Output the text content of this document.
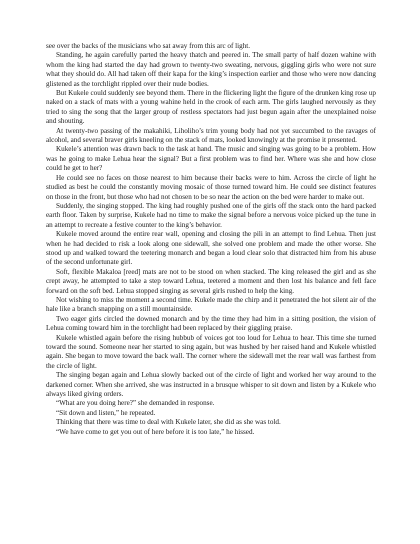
see over the backs of the musicians who sat away from this arc of light.

Standing, he again carefully parted the heavy thatch and peered in. The small party of half dozen wahine with whom the king had started the day had grown to twenty-two sweating, nervous, giggling girls who were not sure what they should do. All had taken off their kapa for the king’s inspection earlier and those who were now dancing glistened as the torchlight rippled over their nude bodies.

But Kukele could suddenly see beyond them. There in the flickering light the figure of the drunken king rose up naked on a stack of mats with a young wahine held in the crook of each arm. The girls laughed nervously as they tried to sing the song that the larger group of restless spectators had just begun again after the unexplained noise and shouting.

At twenty-two passing of the makahiki, Liholiho’s trim young body had not yet succumbed to the ravages of alcohol, and several braver girls kneeling on the stack of mats, looked knowingly at the promise it presented.

Kukele’s attention was drawn back to the task at hand. The music and singing was going to be a problem. How was he going to make Lehua hear the signal? But a first problem was to find her. Where was she and how close could he get to her?

He could see no faces on those nearest to him because their backs were to him. Across the circle of light he studied as best he could the constantly moving mosaic of those turned toward him. He could see distinct features on those in the front, but those who had not chosen to be so near the action on the bed were harder to make out.

Suddenly, the singing stopped. The king had roughly pushed one of the girls off the stack onto the hard packed earth floor. Taken by surprise, Kukele had no time to make the signal before a nervous voice picked up the tune in an attempt to recreate a festive counter to the king’s behavior.

Kukele moved around the entire rear wall, opening and closing the pili in an attempt to find Lehua. Then just when he had decided to risk a look along one sidewall, she solved one problem and made the other worse. She stood up and walked toward the teetering monarch and began a loud clear solo that distracted him from his abuse of the second unfortunate girl.

Soft, flexible Makaloa [reed] mats are not to be stood on when stacked. The king released the girl and as she crept away, he attempted to take a step toward Lehua, teetered a moment and then lost his balance and fell face forward on the soft bed. Lehua stopped singing as several girls rushed to help the king.

Not wishing to miss the moment a second time. Kukele made the chirp and it penetrated the hot silent air of the hale like a branch snapping on a still mountainside.

Two eager girls circled the downed monarch and by the time they had him in a sitting position, the vision of Lehua coming toward him in the torchlight had been replaced by their giggling praise.

Kukele whistled again before the rising hubbub of voices got too loud for Lehua to hear. This time she turned toward the sound. Someone near her started to sing again, but was hushed by her raised hand and Kukele whistled again. She began to move toward the back wall. The corner where the sidewall met the rear wall was farthest from the circle of light.

The singing began again and Lehua slowly backed out of the circle of light and worked her way around to the darkened corner. When she arrived, she was instructed in a brusque whisper to sit down and listen by a Kukele who always liked giving orders.

“What are you doing here?” she demanded in response.

“Sit down and listen,” he repeated.

Thinking that there was time to deal with Kukele later, she did as she was told.

“We have come to get you out of here before it is too late,” he hissed.
